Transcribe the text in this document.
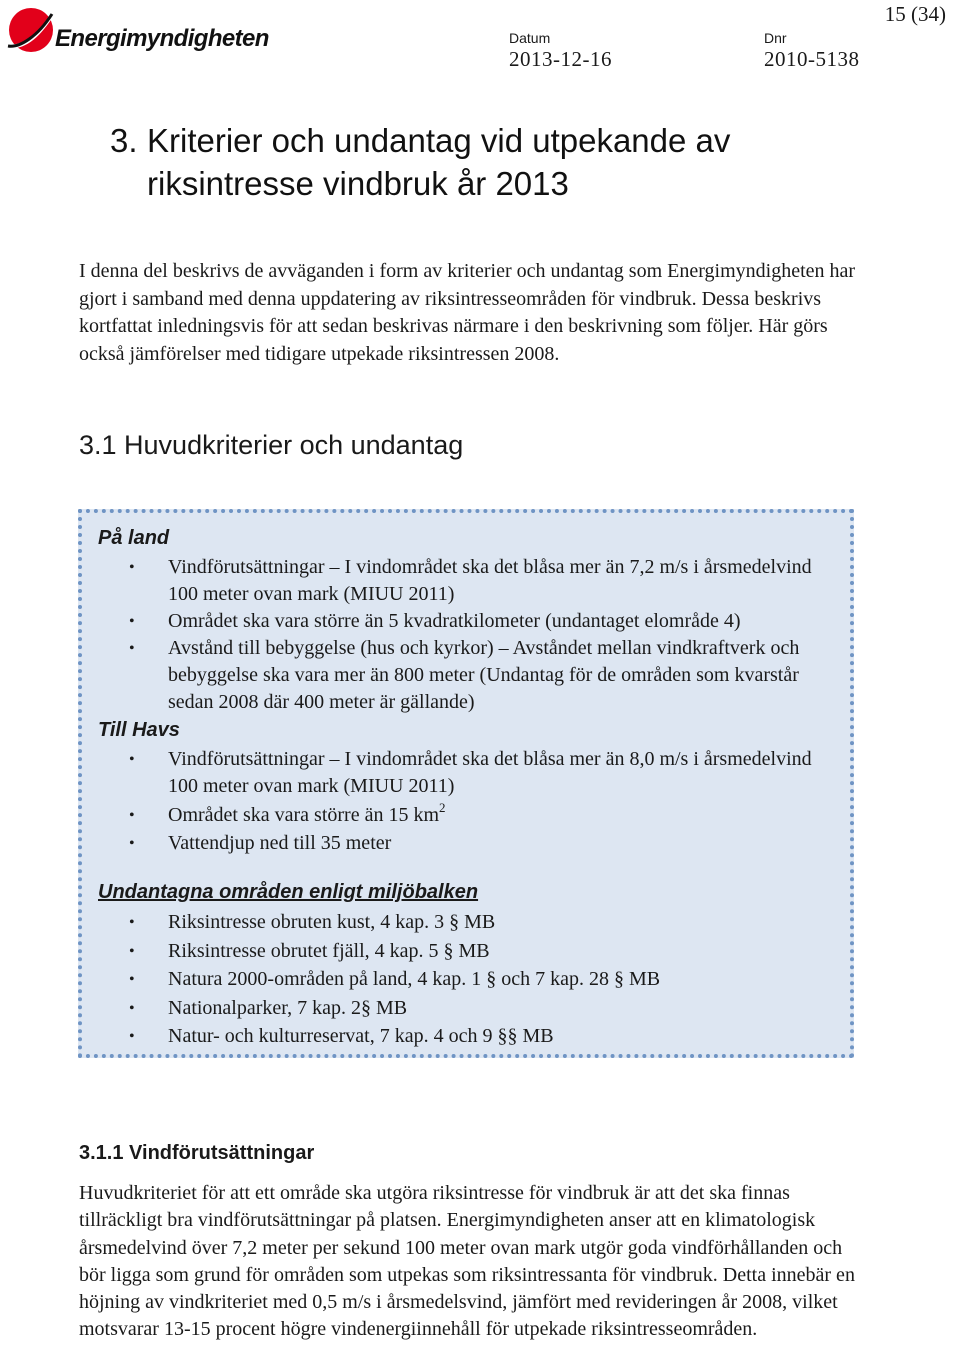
Energimyndigheten
15 (34)
Datum
2013-12-16
Dnr
2010-5138
3. Kriterier och undantag vid utpekande av
riksintresse vindbruk år 2013

I denna del beskrivs de avväganden i form av kriterier och undantag som Energimyndigheten har gjort i samband med denna uppdatering av riksintresseområden för vindbruk. Dessa beskrivs kortfattat inledningsvis för att sedan beskrivas närmare i den beskrivning som följer. Här görs också jämförelser med tidigare utpekade riksintressen 2008.

3.1 Huvudkriterier och undantag
På land
• Vindförutsättningar – I vindområdet ska det blåsa mer än 7,2 m/s i årsmedelvind 100 meter ovan mark (MIUU 2011)
• Området ska vara större än 5 kvadratkilometer (undantaget elområde 4)
• Avstånd till bebyggelse (hus och kyrkor) – Avståndet mellan vindkraftverk och bebyggelse ska vara mer än 800 meter (Undantag för de områden som kvarstår sedan 2008 där 400 meter är gällande)
Till Havs
• Vindförutsättningar – I vindområdet ska det blåsa mer än 8,0 m/s i årsmedelvind 100 meter ovan mark (MIUU 2011)
• Området ska vara större än 15 $km^2$
• Vattendjup ned till 35 meter
Undantagna områden enligt miljöbalken
• Riksintresse obruten kust, 4 kap. 3 § MB
• Riksintresse obrutet fjäll, 4 kap. 5 § MB
• Natura 2000-områden på land, 4 kap. 1 § och 7 kap. 28 § MB
• Nationalparker, 7 kap. 2§ MB
• Natur- och kulturreservat, 7 kap. 4 och 9 §§ MB
3.1.1 Vindförutsättningar

Huvudkriteriet för att ett område ska utgöra riksintresse för vindbruk är att det ska finnas tillräckligt bra vindförutsättningar på platsen. Energimyndigheten anser att en klimatologisk årsmedelvind över 7,2 meter per sekund 100 meter ovan mark utgör goda vindförhållanden och bör ligga som grund för områden som utpekas som riksintressanta för vindbruk. Detta innebär en höjning av vindkriteriet med 0,5 m/s i årsmedelsvind, jämfört med revideringen år 2008, vilket motsvarar 13-15 procent högre vindenergiinnehåll för utpekade riksintresseområden.
